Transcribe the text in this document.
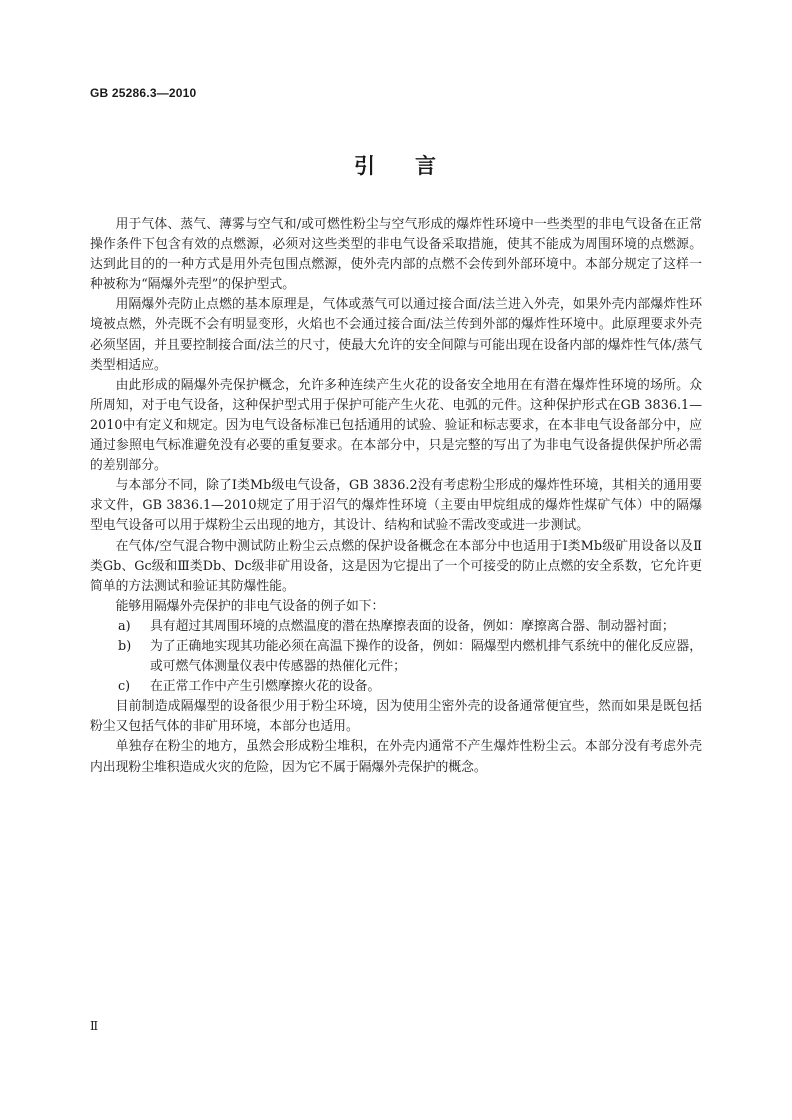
GB 25286.3—2010
引 言

用于气体、蒸气、薄雾与空气和/或可燃性粉尘与空气形成的爆炸性环境中一些类型的非电气设备在正常操作条件下包含有效的点燃源，必须对这些类型的非电气设备采取措施，使其不能成为周围环境的点燃源。达到此目的的一种方式是用外壳包围点燃源，使外壳内部的点燃不会传到外部环境中。本部分规定了这样一种被称为“隔爆外壳型”的保护型式。

用隔爆外壳防止点燃的基本原理是，气体或蒸气可以通过接合面/法兰进入外壳，如果外壳内部爆炸性环境被点燃，外壳既不会有明显变形，火焰也不会通过接合面/法兰传到外部的爆炸性环境中。此原理要求外壳必须坚固，并且要控制接合面/法兰的尺寸，使最大允许的安全间隙与可能出现在设备内部的爆炸性气体/蒸气类型相适应。

由此形成的隔爆外壳保护概念，允许多种连续产生火花的设备安全地用在有潜在爆炸性环境的场所。众所周知，对于电气设备，这种保护型式用于保护可能产生火花、电弧的元件。这种保护形式在GB 3836.1—2010中有定义和规定。因为电气设备标准已包括通用的试验、验证和标志要求，在本非电气设备部分中，应通过参照电气标准避免没有必要的重复要求。在本部分中，只是完整的写出了为非电气设备提供保护所必需的差别部分。

与本部分不同，除了Ⅰ类Mb级电气设备，GB 3836.2没有考虑粉尘形成的爆炸性环境，其相关的通用要求文件，GB 3836.1—2010规定了用于沼气的爆炸性环境（主要由甲烷组成的爆炸性煤矿气体）中的隔爆型电气设备可以用于煤粉尘云出现的地方，其设计、结构和试验不需改变或进一步测试。

在气体/空气混合物中测试防止粉尘云点燃的保护设备概念在本部分中也适用于Ⅰ类Mb级矿用设备以及Ⅱ类Gb、Gc级和Ⅲ类Db、Dc级非矿用设备，这是因为它提出了一个可接受的防止点燃的安全系数，它允许更简单的方法测试和验证其防爆性能。

能够用隔爆外壳保护的非电气设备的例子如下：

a) 具有超过其周围环境的点燃温度的潜在热摩擦表面的设备，例如：摩擦离合器、制动器衬面；
b) 为了正确地实现其功能必须在高温下操作的设备，例如：隔爆型内燃机排气系统中的催化反应器，或可燃气体测量仪表中传感器的热催化元件；
c) 在正常工作中产生引燃摩擦火花的设备。

目前制造成隔爆型的设备很少用于粉尘环境，因为使用尘密外壳的设备通常便宜些，然而如果是既包括粉尘又包括气体的非矿用环境，本部分也适用。

单独存在粉尘的地方，虽然会形成粉尘堆积，在外壳内通常不产生爆炸性粉尘云。本部分没有考虑外壳内出现粉尘堆积造成火灾的危险，因为它不属于隔爆外壳保护的概念。

Ⅱ
